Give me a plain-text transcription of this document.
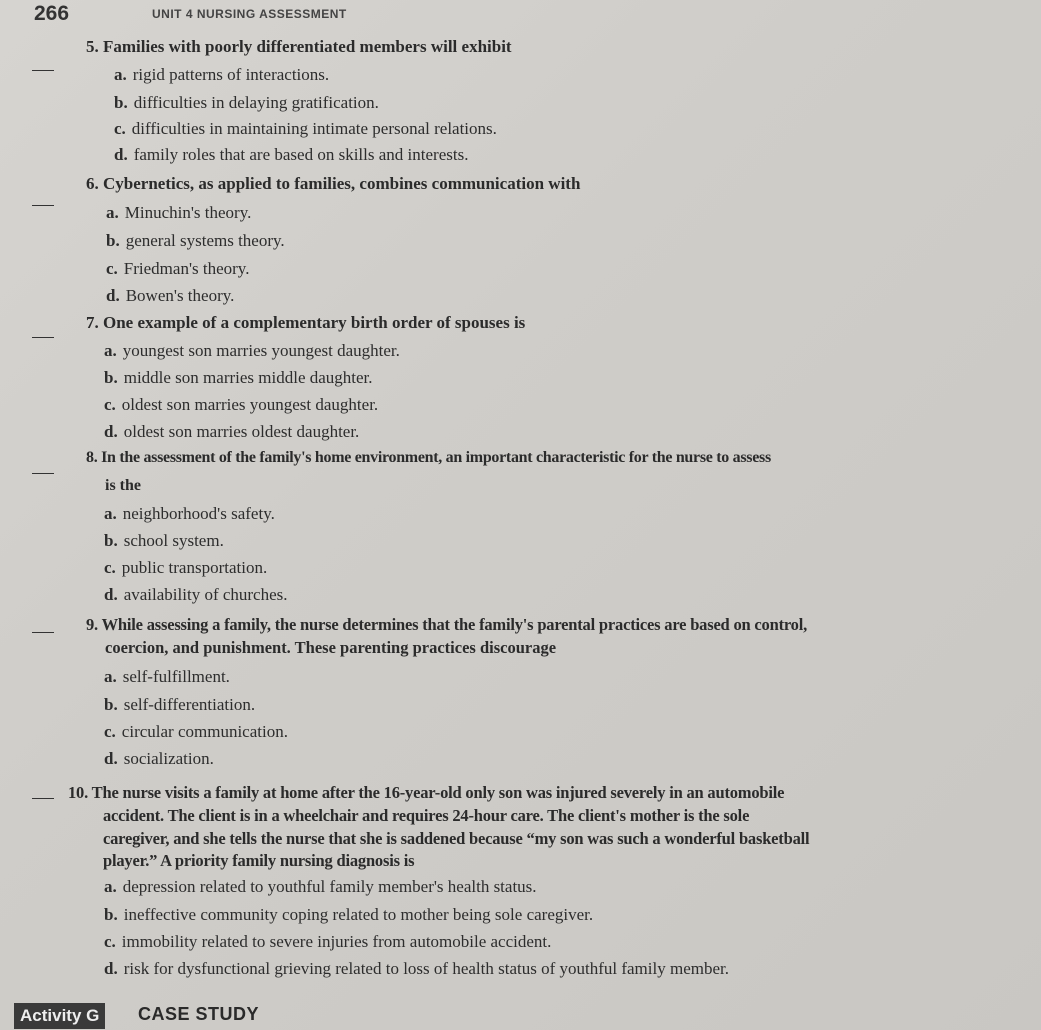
266	UNIT 4 NURSING ASSESSMENT
5. Families with poorly differentiated members will exhibit
a. rigid patterns of interactions.
b. difficulties in delaying gratification.
c. difficulties in maintaining intimate personal relations.
d. family roles that are based on skills and interests.
6. Cybernetics, as applied to families, combines communication with
a. Minuchin's theory.
b. general systems theory.
c. Friedman's theory.
d. Bowen's theory.
7. One example of a complementary birth order of spouses is
a. youngest son marries youngest daughter.
b. middle son marries middle daughter.
c. oldest son marries youngest daughter.
d. oldest son marries oldest daughter.
8. In the assessment of the family's home environment, an important characteristic for the nurse to assess
is the
a. neighborhood's safety.
b. school system.
c. public transportation.
d. availability of churches.
9. While assessing a family, the nurse determines that the family's parental practices are based on control,
coercion, and punishment. These parenting practices discourage
a. self-fulfillment.
b. self-differentiation.
c. circular communication.
d. socialization.
10. The nurse visits a family at home after the 16-year-old only son was injured severely in an automobile
accident. The client is in a wheelchair and requires 24-hour care. The client's mother is the sole
caregiver, and she tells the nurse that she is saddened because “my son was such a wonderful basketball
player.” A priority family nursing diagnosis is
a. depression related to youthful family member's health status.
b. ineffective community coping related to mother being sole caregiver.
c. immobility related to severe injuries from automobile accident.
d. risk for dysfunctional grieving related to loss of health status of youthful family member.
Activity G	CASE STUDY
